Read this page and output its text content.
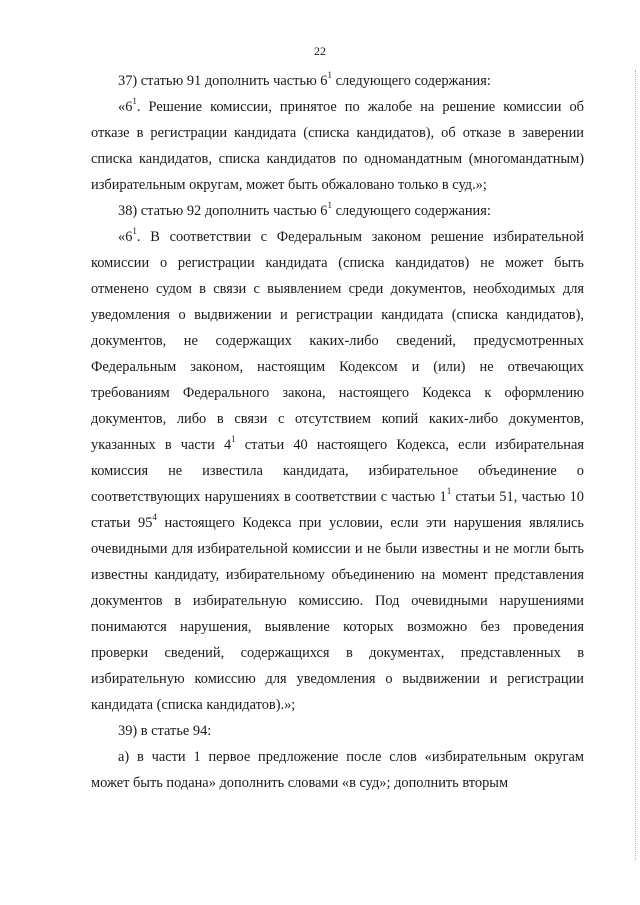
22

37) статью 91 дополнить частью $6^1$ следующего содержания:

«$6^1$. Решение комиссии, принятое по жалобе на решение комиссии об отказе в регистрации кандидата (списка кандидатов), об отказе в заверении списка кандидатов, списка кандидатов по одномандатным (многомандатным) избирательным округам, может быть обжаловано только в суд.»;

38) статью 92 дополнить частью $6^1$ следующего содержания:

«$6^1$. В соответствии с Федеральным законом решение избирательной комиссии о регистрации кандидата (списка кандидатов) не может быть отменено судом в связи с выявлением среди документов, необходимых для уведомления о выдвижении и регистрации кандидата (списка кандидатов), документов, не содержащих каких-либо сведений, предусмотренных Федеральным законом, настоящим Кодексом и (или) не отвечающих требованиям Федерального закона, настоящего Кодекса к оформлению документов, либо в связи с отсутствием копий каких-либо документов, указанных в части $4^1$ статьи 40 настоящего Кодекса, если избирательная комиссия не известила кандидата, избирательное объединение о соответствующих нарушениях в соответствии с частью $1^1$ статьи 51, частью 10 статьи $95^4$ настоящего Кодекса при условии, если эти нарушения являлись очевидными для избирательной комиссии и не были известны и не могли быть известны кандидату, избирательному объединению на момент представления документов в избирательную комиссию. Под очевидными нарушениями понимаются нарушения, выявление которых возможно без проведения проверки сведений, содержащихся в документах, представленных в избирательную комиссию для уведомления о выдвижении и регистрации кандидата (списка кандидатов).»;

39) в статье 94:

а) в части 1 первое предложение после слов «избирательным округам может быть подана» дополнить словами «в суд»; дополнить вторым
